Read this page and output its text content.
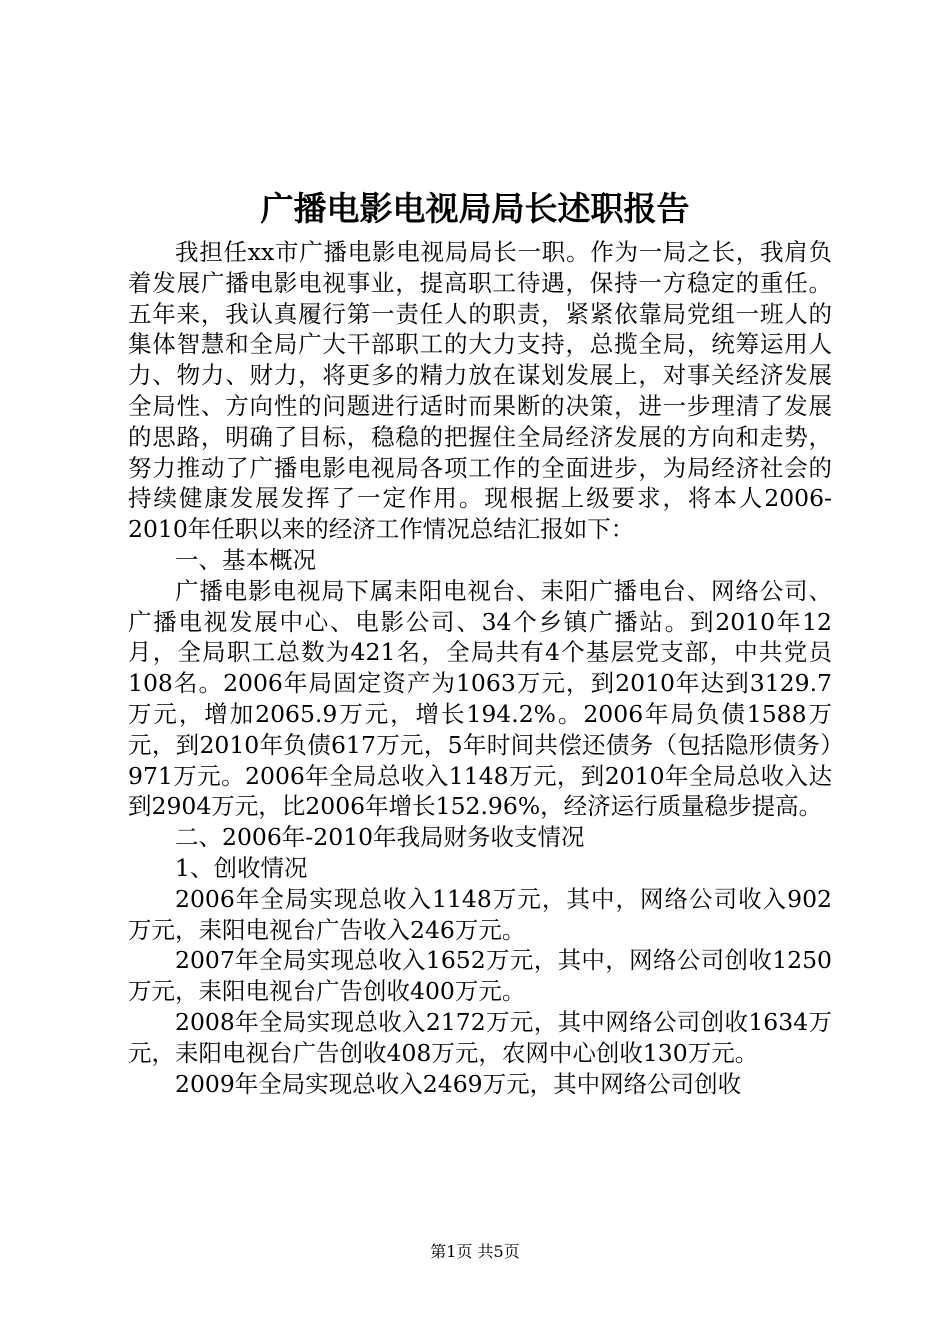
广播电影电视局局长述职报告

我担任xx市广播电影电视局局长一职。作为一局之长，我肩负着发展广播电影电视事业，提高职工待遇，保持一方稳定的重任。五年来，我认真履行第一责任人的职责，紧紧依靠局党组一班人的集体智慧和全局广大干部职工的大力支持，总揽全局，统筹运用人力、物力、财力，将更多的精力放在谋划发展上，对事关经济发展全局性、方向性的问题进行适时而果断的决策，进一步理清了发展的思路，明确了目标，稳稳的把握住全局经济发展的方向和走势，努力推动了广播电影电视局各项工作的全面进步，为局经济社会的持续健康发展发挥了一定作用。现根据上级要求，将本人2006-2010年任职以来的经济工作情况总结汇报如下：

一、基本概况

广播电影电视局下属耒阳电视台、耒阳广播电台、网络公司、广播电视发展中心、电影公司、34个乡镇广播站。到2010年12月，全局职工总数为421名，全局共有4个基层党支部，中共党员108名。2006年局固定资产为1063万元，到2010年达到3129.7万元，增加2065.9万元，增长194.2%。2006年局负债1588万元，到2010年负债617万元，5年时间共偿还债务（包括隐形债务）971万元。2006年全局总收入1148万元，到2010年全局总收入达到2904万元，比2006年增长152.96%，经济运行质量稳步提高。

二、2006年-2010年我局财务收支情况

1、创收情况

2006年全局实现总收入1148万元，其中，网络公司收入902万元，耒阳电视台广告收入246万元。

2007年全局实现总收入1652万元，其中，网络公司创收1250万元，耒阳电视台广告创收400万元。

2008年全局实现总收入2172万元，其中网络公司创收1634万元，耒阳电视台广告创收408万元，农网中心创收130万元。

2009年全局实现总收入2469万元，其中网络公司创收

第1页 共5页
